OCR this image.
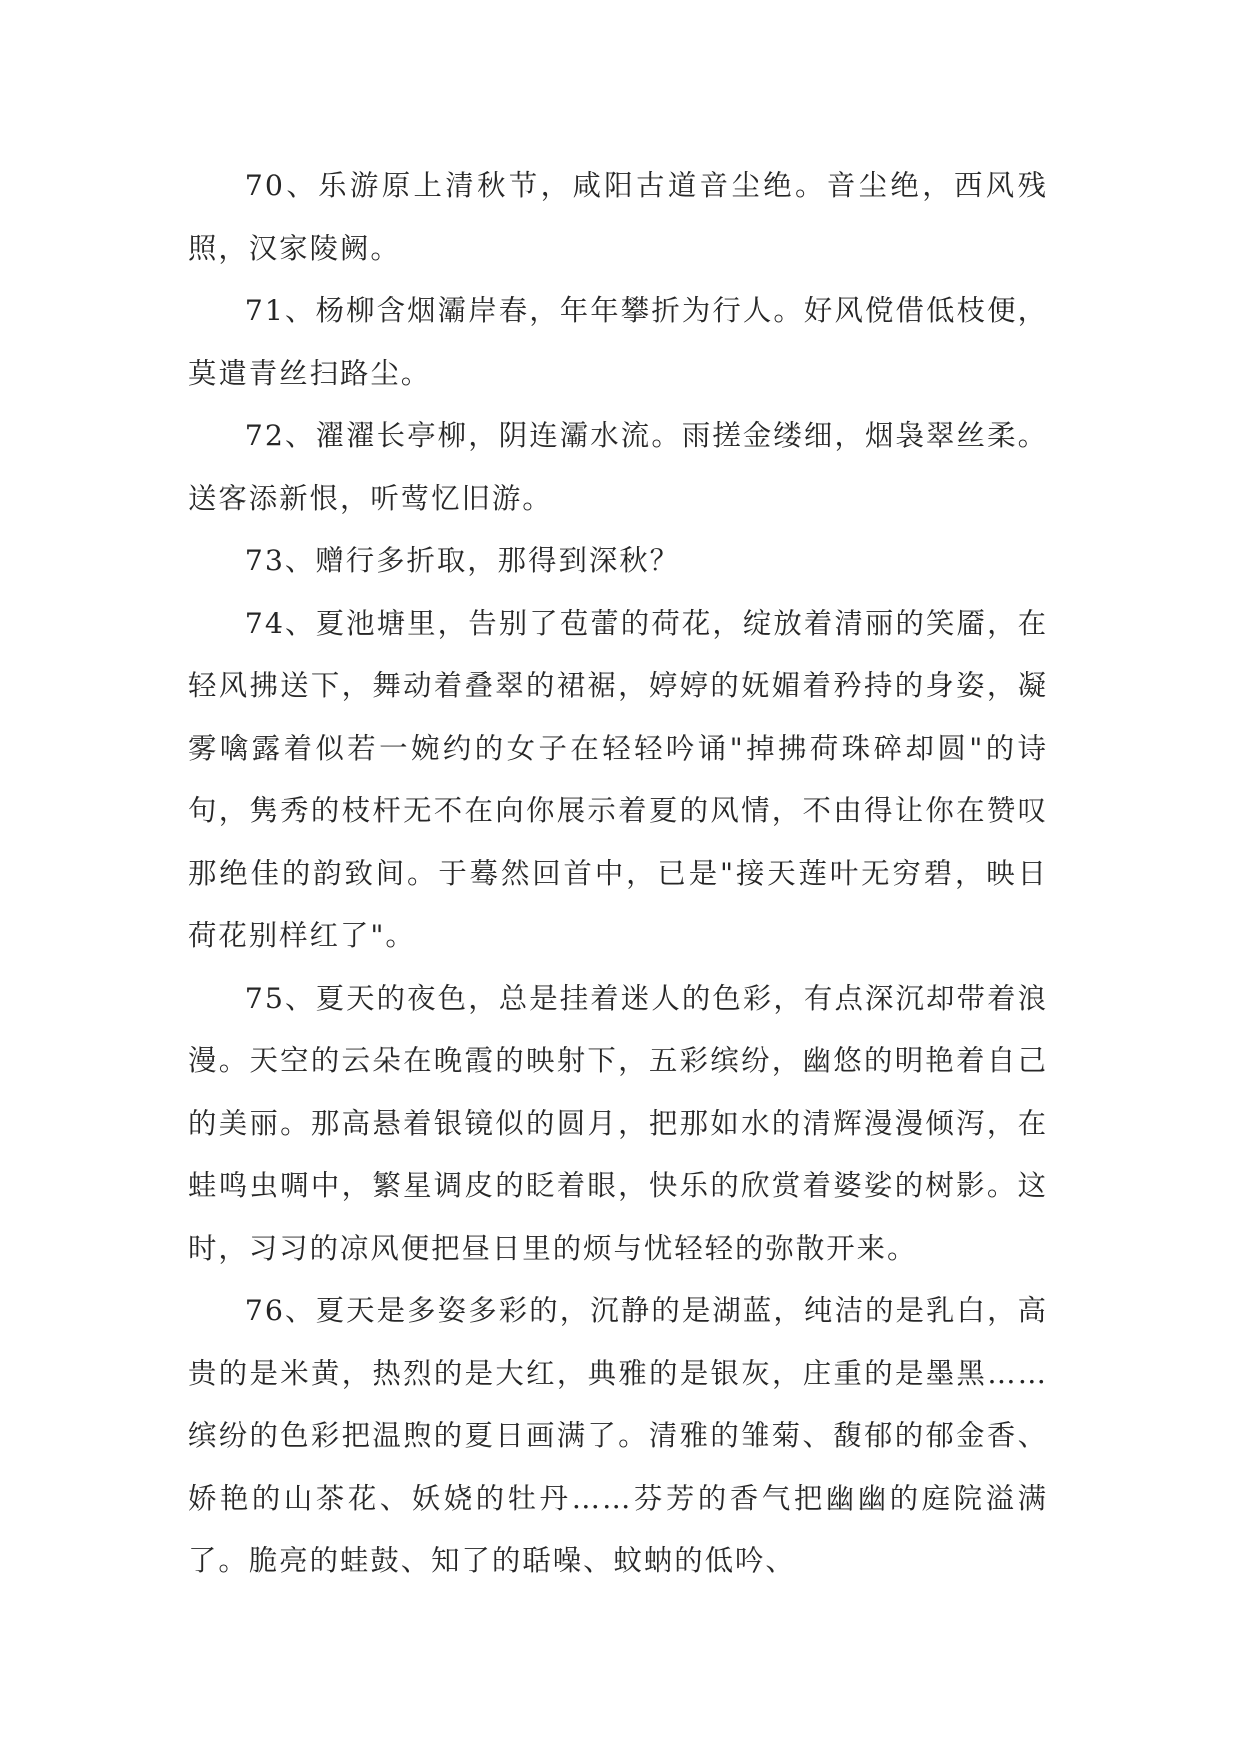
70、乐游原上清秋节，咸阳古道音尘绝。音尘绝，西风残照，汉家陵阙。

71、杨柳含烟灞岸春，年年攀折为行人。好风傥借低枝便，莫遣青丝扫路尘。

72、濯濯长亭柳，阴连灞水流。雨搓金缕细，烟袅翠丝柔。送客添新恨，听莺忆旧游。

73、赠行多折取，那得到深秋？

74、夏池塘里，告别了苞蕾的荷花，绽放着清丽的笑靥，在轻风拂送下，舞动着叠翠的裙裾，婷婷的妩媚着矜持的身姿，凝雾噙露着似若一婉约的女子在轻轻吟诵"掉拂荷珠碎却圆"的诗句，隽秀的枝杆无不在向你展示着夏的风情，不由得让你在赞叹那绝佳的韵致间。于蓦然回首中，已是"接天莲叶无穷碧，映日荷花别样红了"。

75、夏天的夜色，总是挂着迷人的色彩，有点深沉却带着浪漫。天空的云朵在晚霞的映射下，五彩缤纷，幽悠的明艳着自己的美丽。那高悬着银镜似的圆月，把那如水的清辉漫漫倾泻，在蛙鸣虫啁中，繁星调皮的眨着眼，快乐的欣赏着婆娑的树影。这时，习习的凉风便把昼日里的烦与忧轻轻的弥散开来。

76、夏天是多姿多彩的，沉静的是湖蓝，纯洁的是乳白，高贵的是米黄，热烈的是大红，典雅的是银灰，庄重的是墨黑……缤纷的色彩把温煦的夏日画满了。清雅的雏菊、馥郁的郁金香、娇艳的山茶花、妖娆的牡丹……芬芳的香气把幽幽的庭院溢满了。脆亮的蛙鼓、知了的聒噪、蚊蚋的低吟、
